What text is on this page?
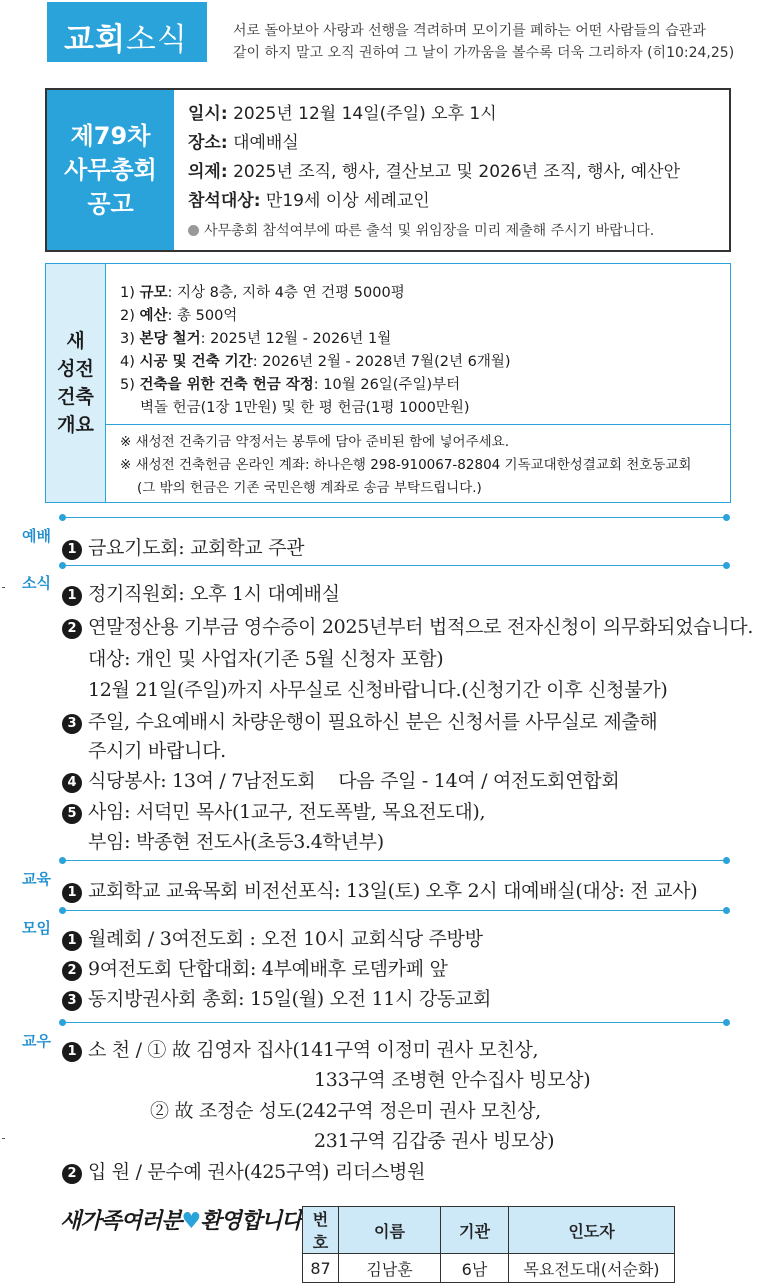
교회소식	서로 돌아보아 사랑과 선행을 격려하며 모이기를 폐하는 어떤 사람들의 습관과
같이 하지 말고 오직 권하여 그 날이 가까움을 볼수록 더욱 그리하자 (히10:24,25)
제79차
사무총회
공고
일시: 2025년 12월 14일(주일) 오후 1시
장소: 대예배실
의제: 2025년 조직, 행사, 결산보고 및 2026년 조직, 행사, 예산안
참석대상: 만19세 이상 세례교인
사무총회 참석여부에 따른 출석 및 위임장을 미리 제출해 주시기 바랍니다.
새
성전
건축
개요
1) 규모: 지상 8층, 지하 4층 연 건평 5000평
2) 예산: 총 500억
3) 본당 철거: 2025년 12월 - 2026년 1월
4) 시공 및 건축 기간: 2026년 2월 - 2028년 7월(2년 6개월)
5) 건축을 위한 건축 헌금 작정: 10월 26일(주일)부터
벽돌 헌금(1장 1만원) 및 한 평 헌금(1평 1000만원)
※ 새성전 건축기금 약정서는 봉투에 담아 준비된 함에 넣어주세요.
※ 새성전 건축헌금 온라인 계좌: 하나은행 298-910067-82804 기독교대한성결교회 천호동교회
(그 밖의 헌금은 기존 국민은행 계좌로 송금 부탁드립니다.)
예배
1 금요기도회: 교회학교 주관
소식
1 정기직원회: 오후 1시 대예배실
2 연말정산용 기부금 영수증이 2025년부터 법적으로 전자신청이 의무화되었습니다.
대상: 개인 및 사업자(기존 5월 신청자 포함)
12월 21일(주일)까지 사무실로 신청바랍니다.(신청기간 이후 신청불가)
3 주일, 수요예배시 차량운행이 필요하신 분은 신청서를 사무실로 제출해
주시기 바랍니다.
4 식당봉사: 13여 / 7남전도회    다음 주일 - 14여 / 여전도회연합회
5 사임: 서덕민 목사(1교구, 전도폭발, 목요전도대),
부임: 박종현 전도사(초등3.4학년부)
교육
1 교회학교 교육목회 비전선포식: 13일(토) 오후 2시 대예배실(대상: 전 교사)
모임
1 월례회 / 3여전도회 : 오전 10시 교회식당 주방방
2 9여전도회 단합대회: 4부예배후 로뎀카페 앞
3 동지방권사회 총회: 15일(월) 오전 11시 강동교회
교우
1 소 천 / ① 故 김영자 집사(141구역 이정미 권사 모친상,
133구역 조병현 안수집사 빙모상)
② 故 조정순 성도(242구역 정은미 권사 모친상,
231구역 김갑중 권사 빙모상)
2 입 원 / 문수예 권사(425구역) 리더스병원
새가족여러분♥환영합니다 번호	이름	기관	인도자
87	김남훈	6남	목요전도대(서순화)
